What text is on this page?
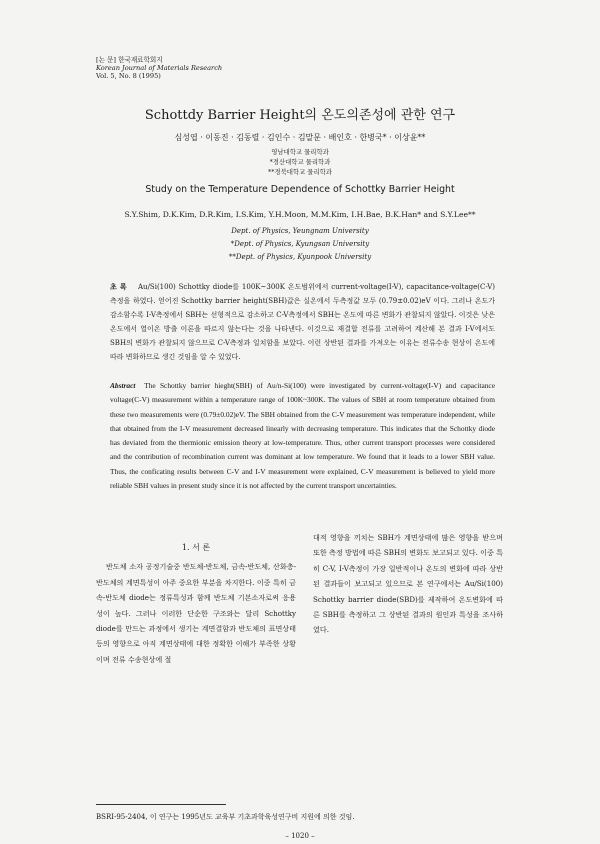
[논 문] 한국재료학회지
Korean Journal of Materials Research
Vol. 5, No. 8 (1995)
Schottdy Barrier Height의 온도의존성에 관한 연구
심성엽 · 이동진 · 김동렬 · 김인수 · 김말문 · 배인호 · 한병국* · 이상윤**
영남대학교 물리학과
*경산대학교 물리학과
**경북대학교 물리학과
Study on the Temperature Dependence of Schottky Barrier Height
S.Y.Shim, D.K.Kim, D.R.Kim, I.S.Kim, Y.H.Moon, M.M.Kim, I.H.Bae, B.K.Han* and S.Y.Lee**
Dept. of Physics, Yeungnam University
*Dept. of Physics, Kyungsan University
**Dept. of Physics, Kyunpook University
초 록 Au/Si(100) Schottky diode를 100K~300K 온도범위에서 current-voltage(I-V), capacitance-voltage(C-V) 측정을 하였다. 얻어진 Schottky barrier height(SBH)값은 실온에서 두측정값 모두 (0.79±0.02)eV 이다. 그러나 온도가 감소함수록 I-V측정에서 SBH는 선형적으로 감소하고 C-V측정에서 SBH는 온도에 따른 변화가 관찰되지 않았다. 이것은 낮은 온도에서 열이온 방출 이론을 따르지 않는다는 것을 나타낸다. 이것으로 재결합 전류를 고려하여 계산해 본 결과 I-V에서도 SBH의 변화가 관찰되지 않으므로 C-V측정과 일치함을 보았다. 이런 상반된 결과를 가져오는 이유는 전류수송 현상이 온도에 따라 변화하므로 생긴 것임을 알 수 있었다.
Abstract The Schottky barrier hieght(SBH) of Au/n-Si(100) were investigated by current-voltage(I-V) and capacitance voltage(C-V) measurement within a temperature range of 100K~300K. The values of SBH at room temperature obtained from these two measurements were (0.79±0.02)eV. The SBH obtained from the C-V measurement was temperature independent, while that obtained from the I-V measurement decreased linearly with decreasing temperature. This indicates that the Schottky diode has deviated from the thermionic emission theory at low-temperature. Thus, other current transport processes were considered and the contribution of recombination current was dominant at low temperature. We found that it leads to a lower SBH value. Thus, the conficating results between C-V and I-V measurement were explained, C-V measurement is believed to yield more reliable SBH values in present study since it is not affected by the current transport uncertainties.
1. 서 론
반도체 소자 공정기술중 반도체-반도체, 금속-반도체, 산화층-반도체의 계면특성이 아주 중요한 부분을 차지한다. 이중 특히 금속-반도체 diode는 정류특성과 함께 반도체 기본소자로써 응용성이 높다. 그러나 이러한 단순한 구조와는 달리 Schottky diode를 만드는 과정에서 생기는 계면결함과 반도체의 표면상태 등의 영향으로 아직 계면상태에 대한 정확한 이해가 부족한 상황이며 전류 수송현상에 절
대적 영향을 끼치는 SBH가 계면상태에 많은 영향을 받으며 또한 측정 방법에 따른 SBH의 변화도 보고되고 있다. 이중 특히 C-V, I-V측정이 가장 일반적이나 온도의 변화에 따라 상반된 결과들이 보고되고 있으므로 본 연구에서는 Au/Si(100) Schottky barrier diode(SBD)를 제작하여 온도변화에 따른 SBH를 측정하고 그 상반된 결과의 원인과 특성을 조사하였다.
BSRI-95-2404, 이 연구는 1995년도 교육부 기초과학육성연구비 지원에 의한 것임.
– 1020 –
